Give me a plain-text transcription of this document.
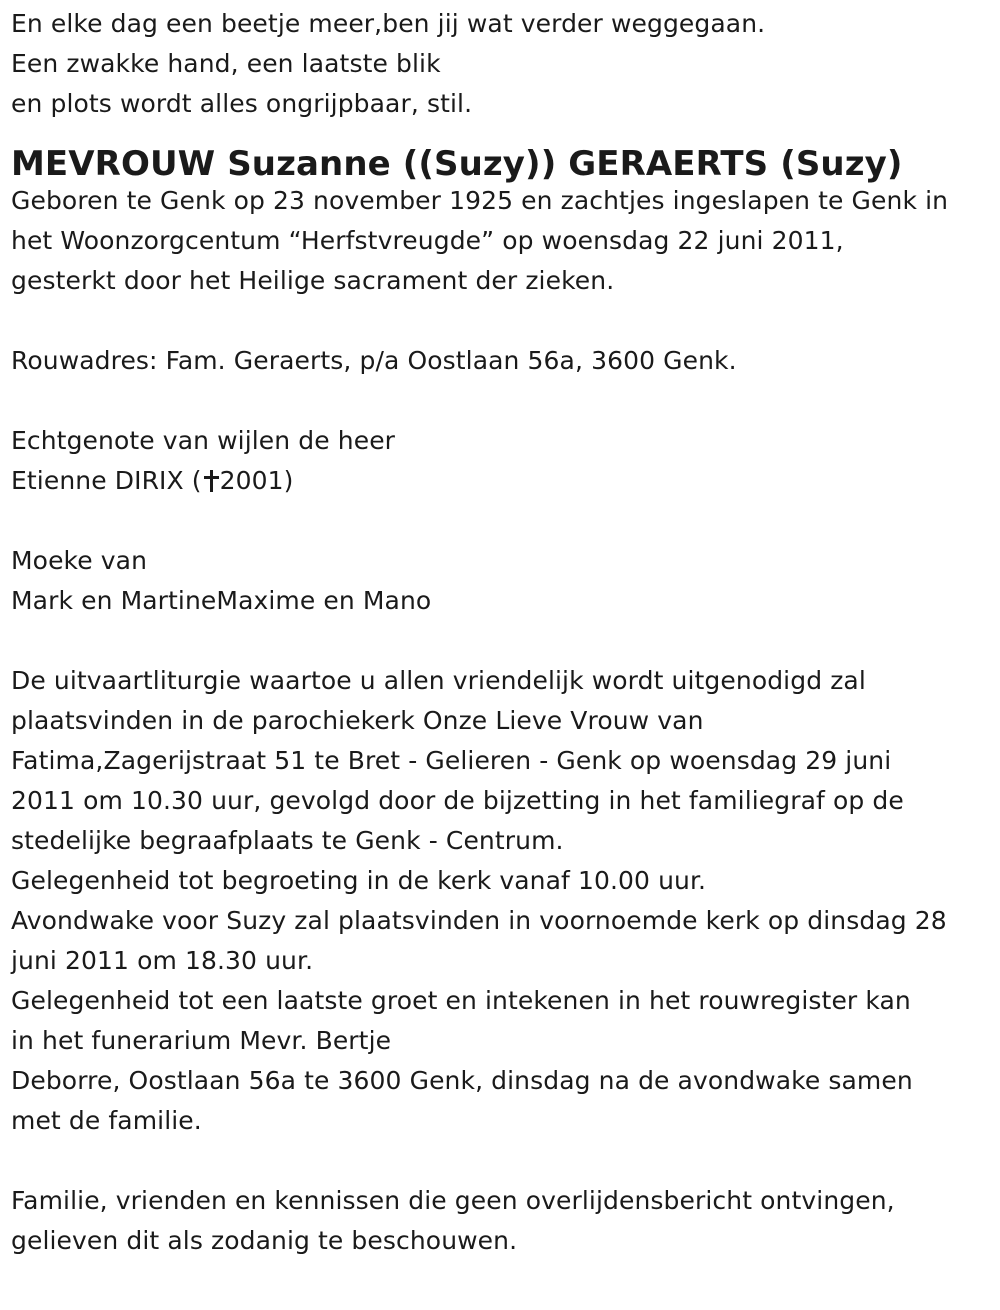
En elke dag een beetje meer,ben jij wat verder weggegaan.
Een zwakke hand, een laatste blik
en plots wordt alles ongrijpbaar, stil.
MEVROUW Suzanne ((Suzy)) GERAERTS (Suzy)
Geboren te Genk op 23 november 1925 en zachtjes ingeslapen te Genk in
het Woonzorgcentum “Herfstvreugde” op woensdag 22 juni 2011,
gesterkt door het Heilige sacrament der zieken.
Rouwadres: Fam. Geraerts, p/a Oostlaan 56a, 3600 Genk.
Echtgenote van wijlen de heer
Etienne DIRIX ( 2001)
Moeke van
Mark en MartineMaxime en Mano
De uitvaartliturgie waartoe u allen vriendelijk wordt uitgenodigd zal
plaatsvinden in de parochiekerk Onze Lieve Vrouw van
Fatima,Zagerijstraat 51 te Bret - Gelieren - Genk op woensdag 29 juni
2011 om 10.30 uur, gevolgd door de bijzetting in het familiegraf op de
stedelijke begraafplaats te Genk - Centrum.
Gelegenheid tot begroeting in de kerk vanaf 10.00 uur.
Avondwake voor Suzy zal plaatsvinden in voornoemde kerk op dinsdag 28
juni 2011 om 18.30 uur.
Gelegenheid tot een laatste groet en intekenen in het rouwregister kan
in het funerarium Mevr. Bertje
Deborre, Oostlaan 56a te 3600 Genk, dinsdag na de avondwake samen
met de familie.
Familie, vrienden en kennissen die geen overlijdensbericht ontvingen,
gelieven dit als zodanig te beschouwen.
